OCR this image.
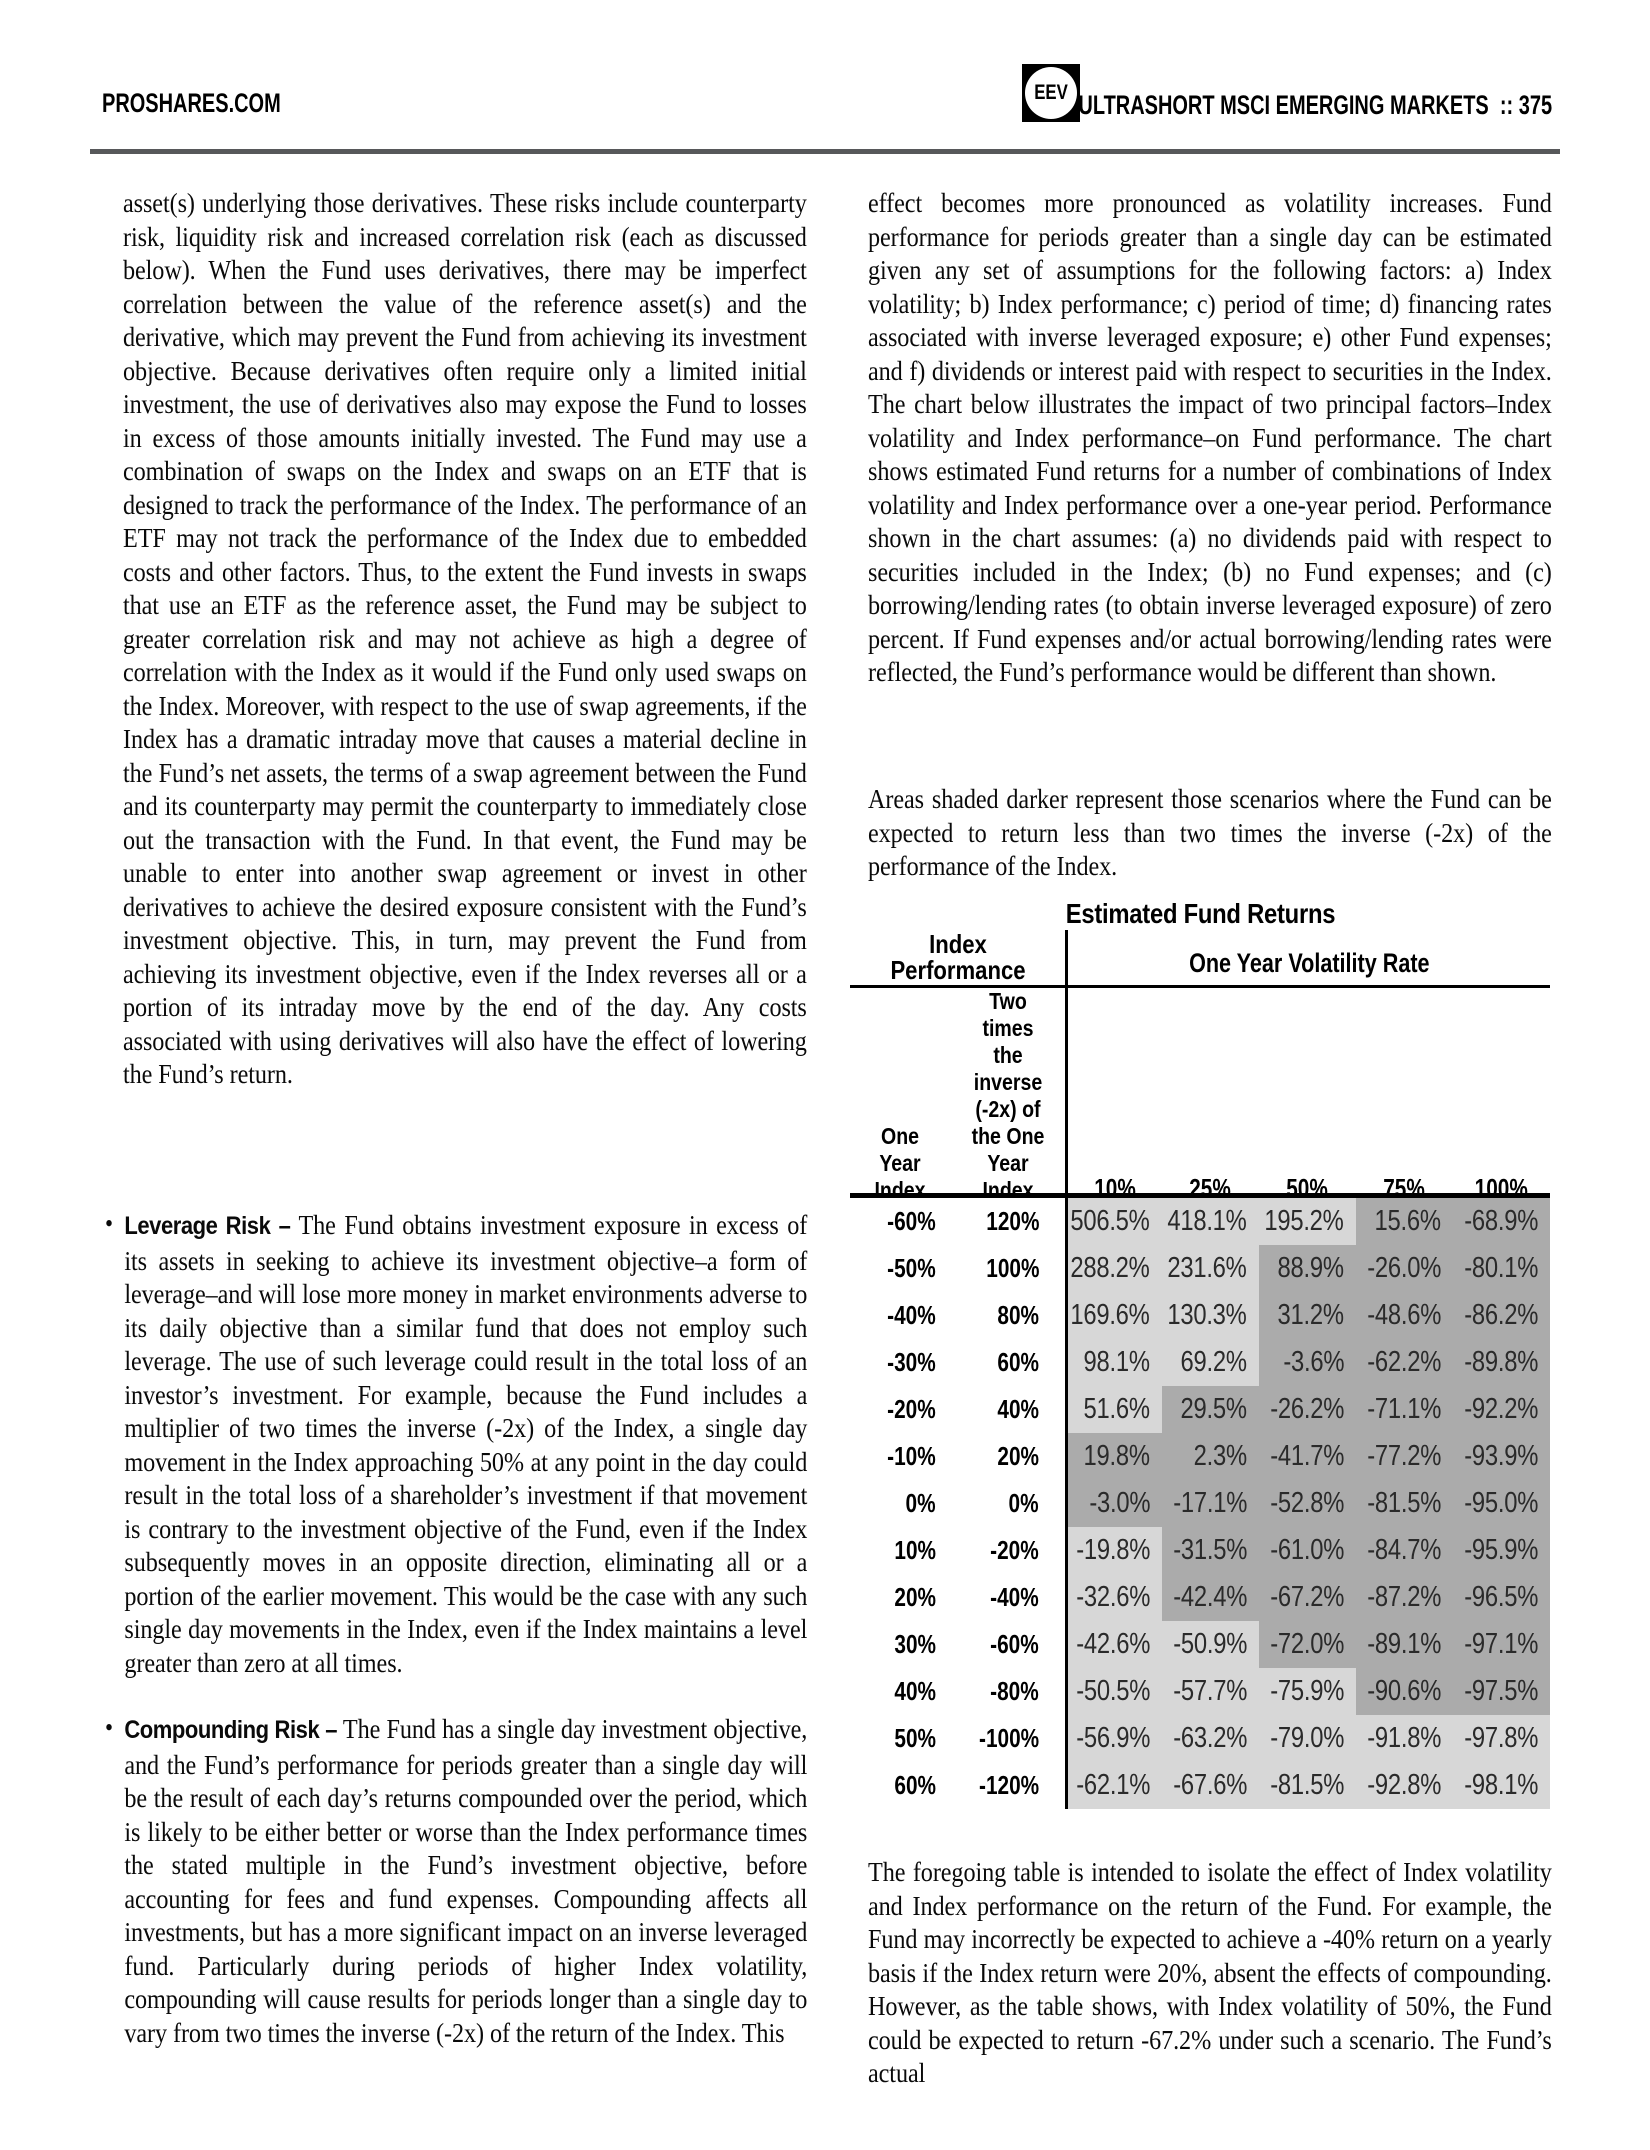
PROSHARES.COM	EEV ULTRASHORT MSCI EMERGING MARKETS :: 375
asset(s) underlying those derivatives. These risks include counterparty risk, liquidity risk and increased correlation risk (each as discussed below). When the Fund uses derivatives, there may be imperfect correlation between the value of the reference asset(s) and the derivative, which may prevent the Fund from achieving its investment objective. Because derivatives often require only a limited initial investment, the use of derivatives also may expose the Fund to losses in excess of those amounts initially invested. The Fund may use a combination of swaps on the Index and swaps on an ETF that is designed to track the performance of the Index. The performance of an ETF may not track the performance of the Index due to embedded costs and other factors. Thus, to the extent the Fund invests in swaps that use an ETF as the reference asset, the Fund may be subject to greater correlation risk and may not achieve as high a degree of correlation with the Index as it would if the Fund only used swaps on the Index. Moreover, with respect to the use of swap agreements, if the Index has a dramatic intraday move that causes a material decline in the Fund’s net assets, the terms of a swap agreement between the Fund and its counterparty may permit the counterparty to immediately close out the transaction with the Fund. In that event, the Fund may be unable to enter into another swap agreement or invest in other derivatives to achieve the desired exposure consistent with the Fund’s investment objective. This, in turn, may prevent the Fund from achieving its investment objective, even if the Index reverses all or a portion of its intraday move by the end of the day. Any costs associated with using derivatives will also have the effect of lowering the Fund’s return.
• Leverage Risk – The Fund obtains investment exposure in excess of its assets in seeking to achieve its investment objective–a form of leverage–and will lose more money in market environments adverse to its daily objective than a similar fund that does not employ such leverage. The use of such leverage could result in the total loss of an investor’s investment. For example, because the Fund includes a multiplier of two times the inverse (-2x) of the Index, a single day movement in the Index approaching 50% at any point in the day could result in the total loss of a shareholder’s investment if that movement is contrary to the investment objective of the Fund, even if the Index subsequently moves in an opposite direction, eliminating all or a portion of the earlier movement. This would be the case with any such single day movements in the Index, even if the Index maintains a level greater than zero at all times.
• Compounding Risk – The Fund has a single day investment objective, and the Fund’s performance for periods greater than a single day will be the result of each day’s returns compounded over the period, which is likely to be either better or worse than the Index performance times the stated multiple in the Fund’s investment objective, before accounting for fees and fund expenses. Compounding affects all investments, but has a more significant impact on an inverse leveraged fund. Particularly during periods of higher Index volatility, compounding will cause results for periods longer than a single day to vary from two times the inverse (-2x) of the return of the Index. This
effect becomes more pronounced as volatility increases. Fund performance for periods greater than a single day can be estimated given any set of assumptions for the following factors: a) Index volatility; b) Index performance; c) period of time; d) financing rates associated with inverse leveraged exposure; e) other Fund expenses; and f) dividends or interest paid with respect to securities in the Index. The chart below illustrates the impact of two principal factors–Index volatility and Index performance–on Fund performance. The chart shows estimated Fund returns for a number of combinations of Index volatility and Index performance over a one-year period. Performance shown in the chart assumes: (a) no dividends paid with respect to securities included in the Index; (b) no Fund expenses; and (c) borrowing/lending rates (to obtain inverse leveraged exposure) of zero percent. If Fund expenses and/or actual borrowing/lending rates were reflected, the Fund’s performance would be different than shown.
Areas shaded darker represent those scenarios where the Fund can be expected to return less than two times the inverse (-2x) of the performance of the Index.
Estimated Fund Returns
Index Performance	One Year Volatility Rate
One Year Index
Two times the inverse (-2x) of the One Year Index	10% 25% 50% 75% 100%
-60% 120% 506.5% 418.1% 195.2% 15.6% -68.9%
-50% 100% 288.2% 231.6% 88.9% -26.0% -80.1%
-40% 80% 169.6% 130.3% 31.2% -48.6% -86.2%
-30% 60% 98.1% 69.2% -3.6% -62.2% -89.8%
-20% 40% 51.6% 29.5% -26.2% -71.1% -92.2%
-10% 20% 19.8% 2.3% -41.7% -77.2% -93.9%
0%	0% -3.0% -17.1% -52.8% -81.5% -95.0%
10% -20% -19.8% -31.5% -61.0% -84.7% -95.9%
20% -40% -32.6% -42.4% -67.2% -87.2% -96.5%
30% -60% -42.6% -50.9% -72.0% -89.1% -97.1%
40% -80% -50.5% -57.7% -75.9% -90.6% -97.5%
50% -100% -56.9% -63.2% -79.0% -91.8% -97.8%
60% -120% -62.1% -67.6% -81.5% -92.8% -98.1%
The foregoing table is intended to isolate the effect of Index volatility and Index performance on the return of the Fund. For example, the Fund may incorrectly be expected to achieve a -40% return on a yearly basis if the Index return were 20%, absent the effects of compounding. However, as the table shows, with Index volatility of 50%, the Fund could be expected to return -67.2% under such a scenario. The Fund’s actual
